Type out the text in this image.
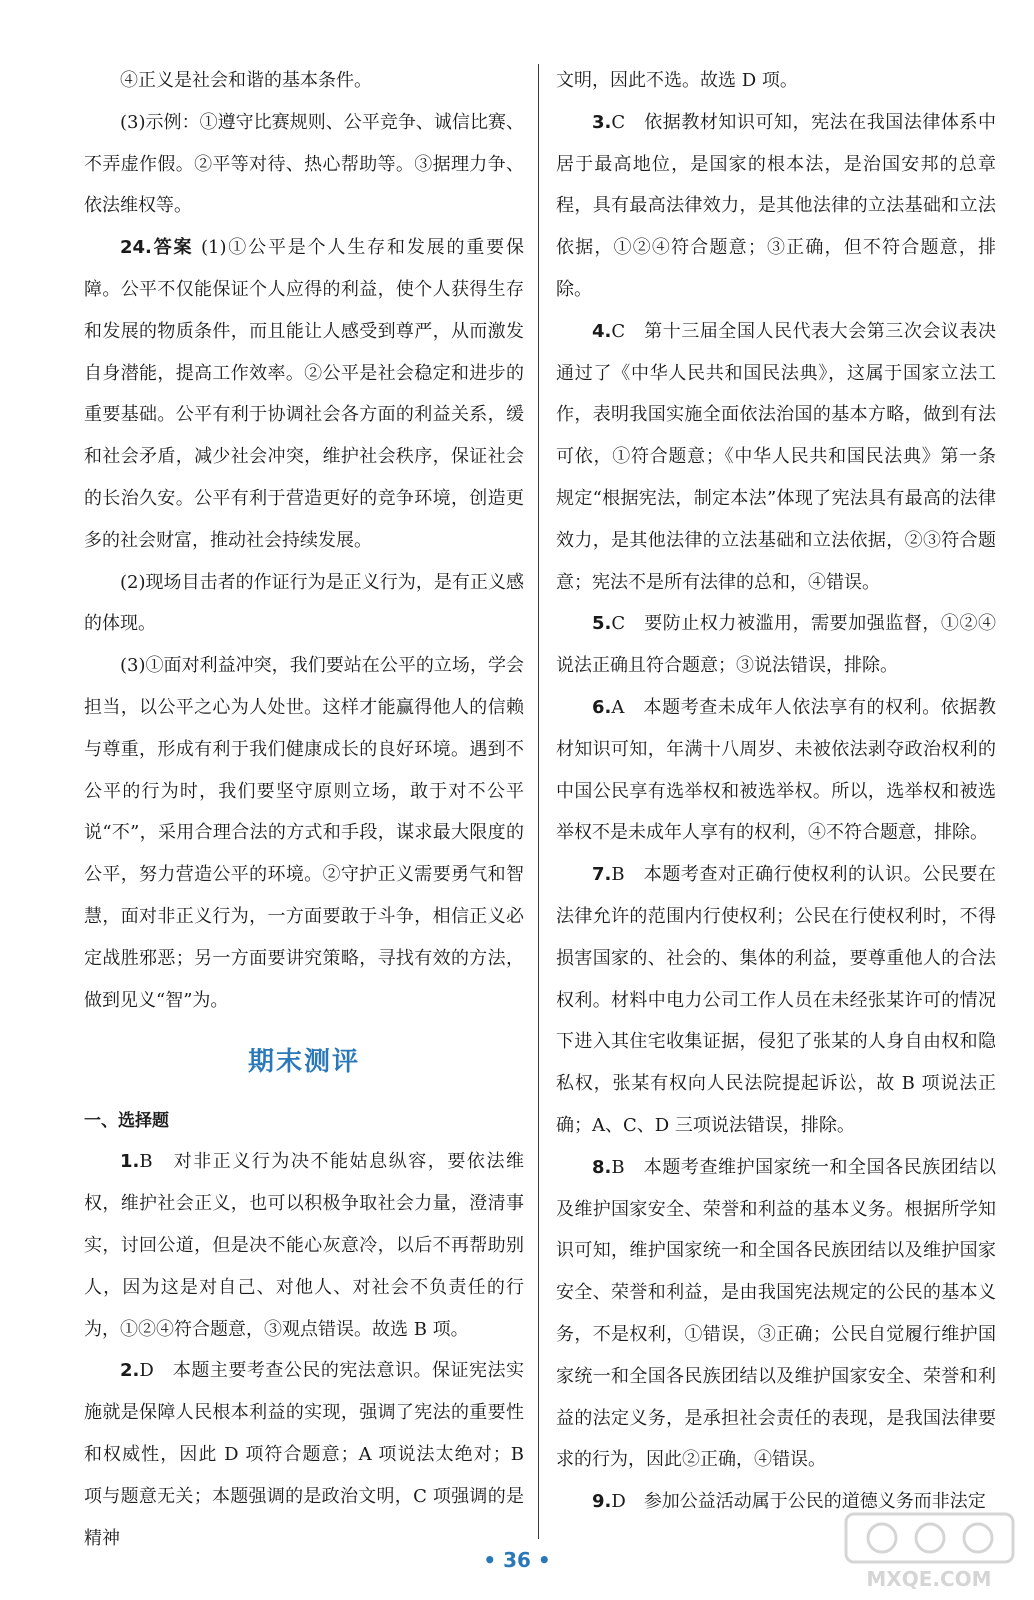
④正义是社会和谐的基本条件。

(3)示例：①遵守比赛规则、公平竞争、诚信比赛、不弄虚作假。②平等对待、热心帮助等。③据理力争、依法维权等。

24.答案 (1)①公平是个人生存和发展的重要保障。公平不仅能保证个人应得的利益，使个人获得生存和发展的物质条件，而且能让人感受到尊严，从而激发自身潜能，提高工作效率。②公平是社会稳定和进步的重要基础。公平有利于协调社会各方面的利益关系，缓和社会矛盾，减少社会冲突，维护社会秩序，保证社会的长治久安。公平有利于营造更好的竞争环境，创造更多的社会财富，推动社会持续发展。

(2)现场目击者的作证行为是正义行为，是有正义感的体现。

(3)①面对利益冲突，我们要站在公平的立场，学会担当，以公平之心为人处世。这样才能赢得他人的信赖与尊重，形成有利于我们健康成长的良好环境。遇到不公平的行为时，我们要坚守原则立场，敢于对不公平说“不”，采用合理合法的方式和手段，谋求最大限度的公平，努力营造公平的环境。②守护正义需要勇气和智慧，面对非正义行为，一方面要敢于斗争，相信正义必定战胜邪恶；另一方面要讲究策略，寻找有效的方法，做到见义“智”为。

期末测评

一、选择题

1.B　 对非正义行为决不能姑息纵容，要依法维权，维护社会正义，也可以积极争取社会力量，澄清事实，讨回公道，但是决不能心灰意冷，以后不再帮助别人，因为这是对自己、对他人、对社会不负责任的行为，①②④符合题意，③观点错误。故选 B 项。

2.D　 本题主要考查公民的宪法意识。保证宪法实施就是保障人民根本利益的实现，强调了宪法的重要性和权威性，因此 D 项符合题意；A 项说法太绝对；B 项与题意无关；本题强调的是政治文明，C 项强调的是精神

文明，因此不选。故选 D 项。

3.C　 依据教材知识可知，宪法在我国法律体系中居于最高地位，是国家的根本法，是治国安邦的总章程，具有最高法律效力，是其他法律的立法基础和立法依据，①②④符合题意；③正确，但不符合题意，排除。

4.C　 第十三届全国人民代表大会第三次会议表决通过了《中华人民共和国民法典》，这属于国家立法工作，表明我国实施全面依法治国的基本方略，做到有法可依，①符合题意；《中华人民共和国民法典》第一条规定“根据宪法，制定本法”体现了宪法具有最高的法律效力，是其他法律的立法基础和立法依据，②③符合题意；宪法不是所有法律的总和，④错误。

5.C　 要防止权力被滥用，需要加强监督，①②④说法正确且符合题意；③说法错误，排除。

6.A　 本题考查未成年人依法享有的权利。依据教材知识可知，年满十八周岁、未被依法剥夺政治权利的中国公民享有选举权和被选举权。所以，选举权和被选举权不是未成年人享有的权利，④不符合题意，排除。

7.B　 本题考查对正确行使权利的认识。公民要在法律允许的范围内行使权利；公民在行使权利时，不得损害国家的、社会的、集体的利益，要尊重他人的合法权利。材料中电力公司工作人员在未经张某许可的情况下进入其住宅收集证据，侵犯了张某的人身自由权和隐私权，张某有权向人民法院提起诉讼，故 B 项说法正确；A、C、D 三项说法错误，排除。

8.B　 本题考查维护国家统一和全国各民族团结以及维护国家安全、荣誉和利益的基本义务。根据所学知识可知，维护国家统一和全国各民族团结以及维护国家安全、荣誉和利益，是由我国宪法规定的公民的基本义务，不是权利，①错误，③正确；公民自觉履行维护国家统一和全国各民族团结以及维护国家安全、荣誉和利益的法定义务，是承担社会责任的表现，是我国法律要求的行为，因此②正确，④错误。

9.D　 参加公益活动属于公民的道德义务而非法定

• 36 •
MXQE.COM
